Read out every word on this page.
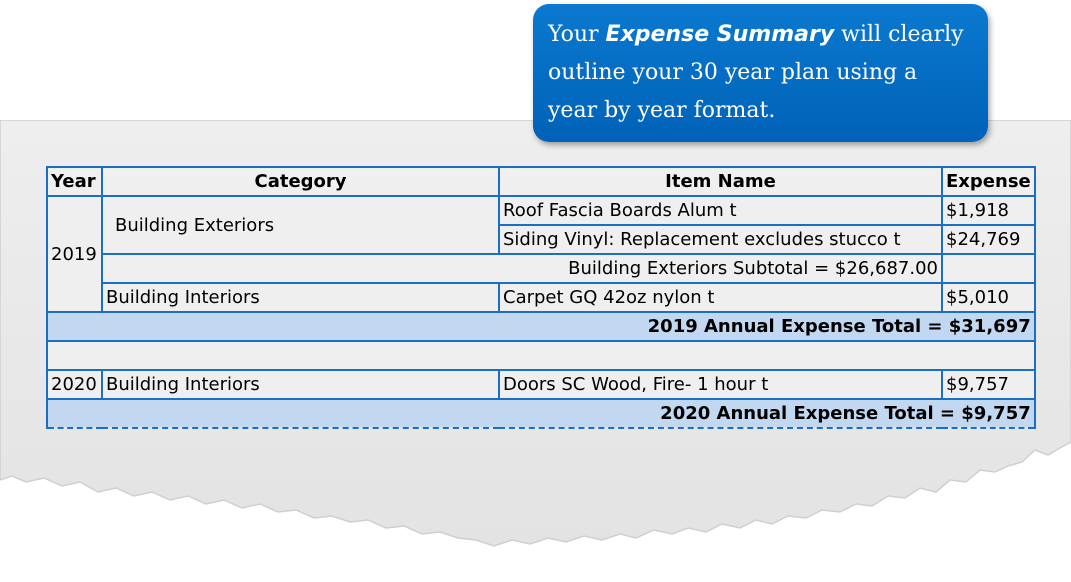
Your Expense Summary will clearly outline your 30 year plan using a year by year format.
Year	Category	Item Name	Expense
2019	Building Exteriors	Roof Fascia Boards Alum t	$1,918
		Siding Vinyl: Replacement excludes stucco t	$24,769
	Building Exteriors Subtotal = $26,687.00		
	Building Interiors	Carpet GQ 42oz nylon t	$5,010
2019 Annual Expense Total = $31,697			

2020	Building Interiors	Doors SC Wood, Fire- 1 hour t	$9,757
2020 Annual Expense Total = $9,757			
